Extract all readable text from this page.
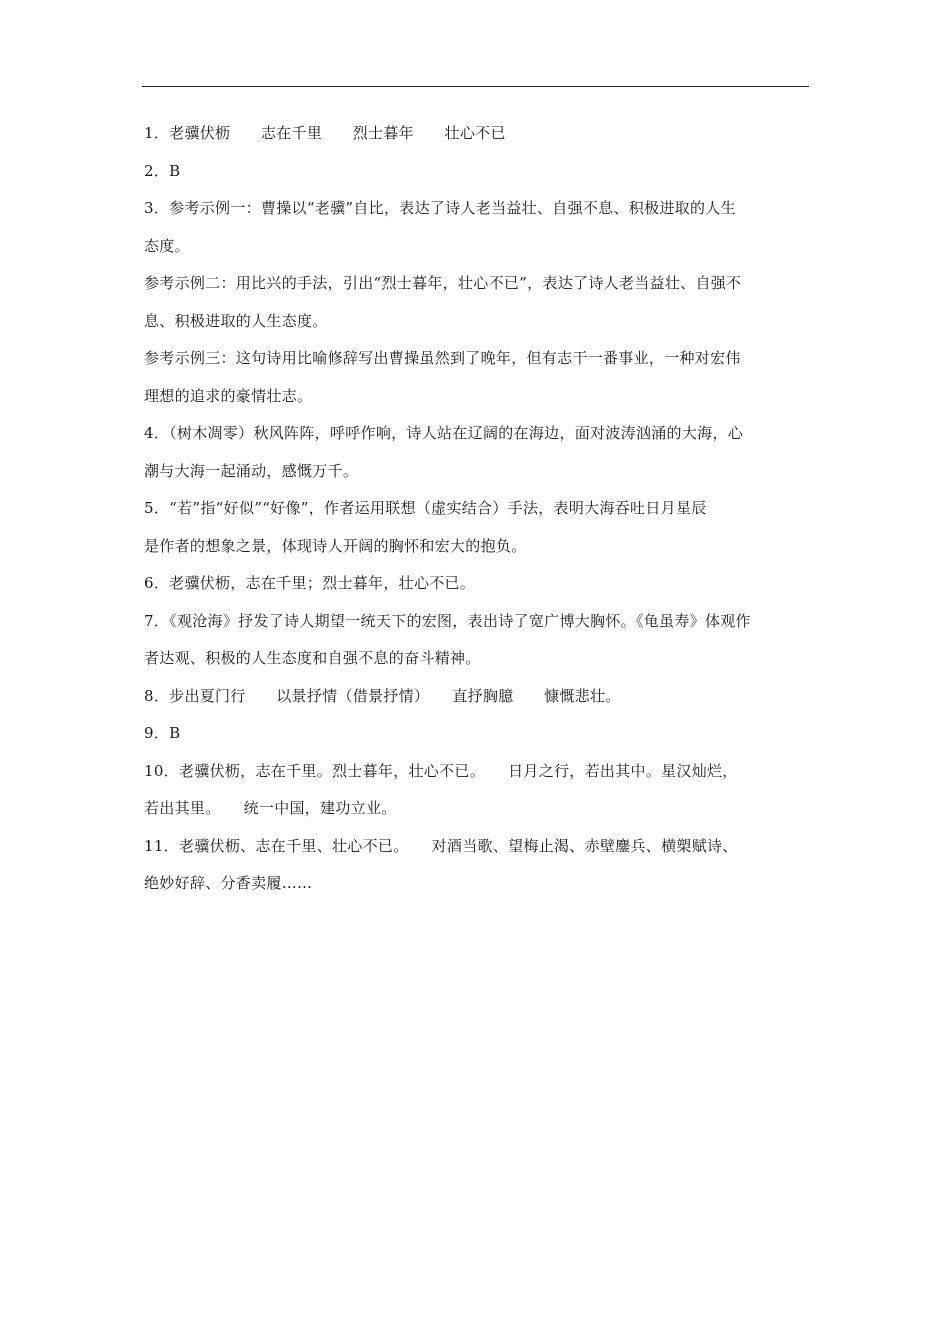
1．老骥伏枥　　志在千里　　烈士暮年　　壮心不已
2．B
3．参考示例一：曹操以“老骥”自比，表达了诗人老当益壮、自强不息、积极进取的人生
态度。
参考示例二：用比兴的手法，引出“烈士暮年，壮心不已”，表达了诗人老当益壮、自强不
息、积极进取的人生态度。
参考示例三：这句诗用比喻修辞写出曹操虽然到了晚年，但有志干一番事业，一种对宏伟
理想的追求的豪情壮志。
4．（树木凋零）秋风阵阵，呼呼作响，诗人站在辽阔的在海边，面对波涛汹涌的大海，心
潮与大海一起涌动，感慨万千。
5．“若”指“好似”“好像”，作者运用联想（虚实结合）手法，表明大海吞吐日月星辰
是作者的想象之景，体现诗人开阔的胸怀和宏大的抱负。
6．老骥伏枥，志在千里；烈士暮年，壮心不已。
7．《观沧海》抒发了诗人期望一统天下的宏图，表出诗了宽广博大胸怀。《龟虽寿》体观作
者达观、积极的人生态度和自强不息的奋斗精神。
8．步出夏门行　　以景抒情（借景抒情）　　直抒胸臆　　慷慨悲壮。
9．B
10．老骥伏枥，志在千里。烈士暮年，壮心不已。　　日月之行，若出其中。星汉灿烂，
若出其里。　　统一中国，建功立业。
11．老骥伏枥、志在千里、壮心不已。　　对酒当歌、望梅止渴、赤壁鏖兵、横槊赋诗、
绝妙好辞、分香卖履……
